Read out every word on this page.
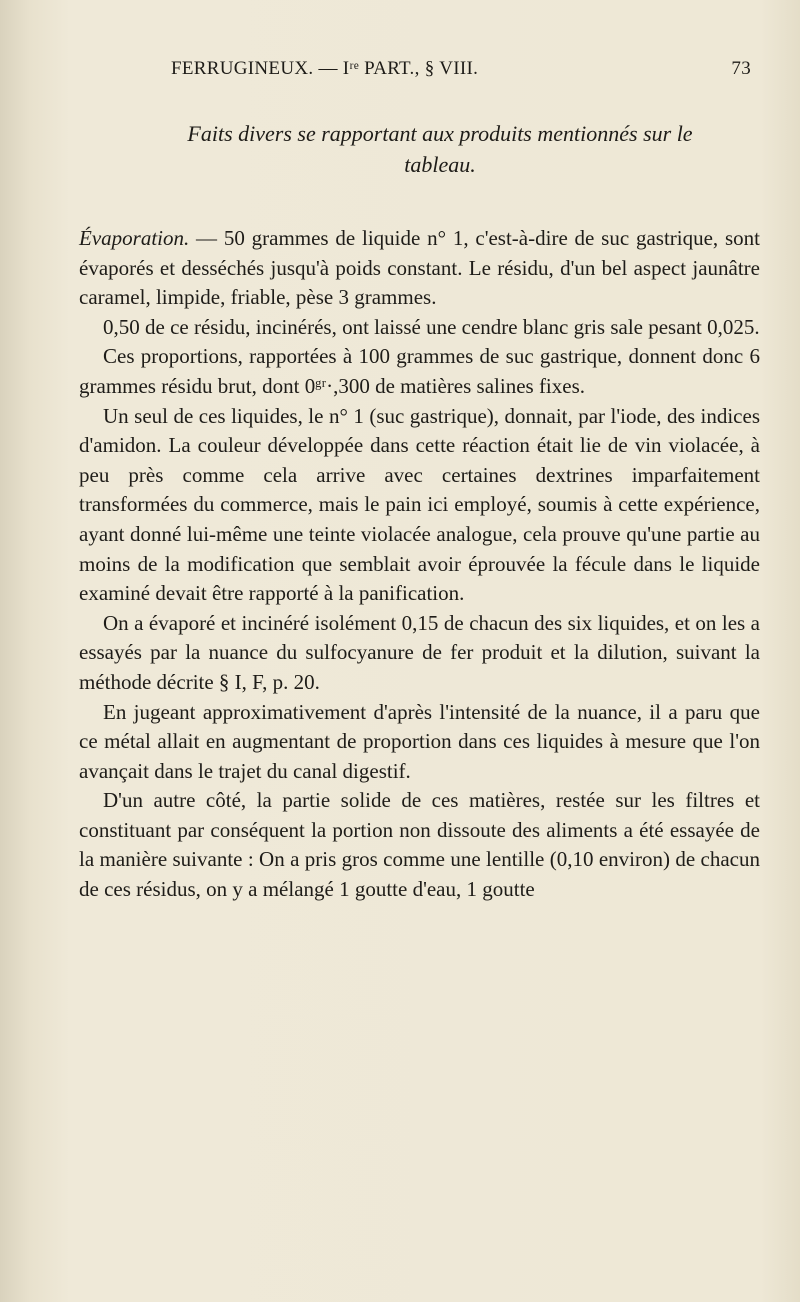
FERRUGINEUX. — Iʳᵉ PART., § VIII.	73
Faits divers se rapportant aux produits mentionnés sur le tableau.

Évaporation. — 50 grammes de liquide n° 1, c'est-à-dire de suc gastrique, sont évaporés et desséchés jusqu'à poids constant. Le résidu, d'un bel aspect jaunâtre caramel, limpide, friable, pèse 3 grammes.

0,50 de ce résidu, incinérés, ont laissé une cendre blanc gris sale pesant 0,025.

Ces proportions, rapportées à 100 grammes de suc gastrique, donnent donc 6 grammes résidu brut, dont 0ᵍʳ·,300 de matières salines fixes.

Un seul de ces liquides, le n° 1 (suc gastrique), donnait, par l'iode, des indices d'amidon. La couleur développée dans cette réaction était lie de vin violacée, à peu près comme cela arrive avec certaines dextrines imparfaitement transformées du commerce, mais le pain ici employé, soumis à cette expérience, ayant donné lui-même une teinte violacée analogue, cela prouve qu'une partie au moins de la modification que semblait avoir éprouvée la fécule dans le liquide examiné devait être rapporté à la panification.

On a évaporé et incinéré isolément 0,15 de chacun des six liquides, et on les a essayés par la nuance du sulfocyanure de fer produit et la dilution, suivant la méthode décrite § I, F, p. 20.

En jugeant approximativement d'après l'intensité de la nuance, il a paru que ce métal allait en augmentant de proportion dans ces liquides à mesure que l'on avançait dans le trajet du canal digestif.

D'un autre côté, la partie solide de ces matières, restée sur les filtres et constituant par conséquent la portion non dissoute des aliments a été essayée de la manière suivante : On a pris gros comme une lentille (0,10 environ) de chacun de ces résidus, on y a mélangé 1 goutte d'eau, 1 goutte
